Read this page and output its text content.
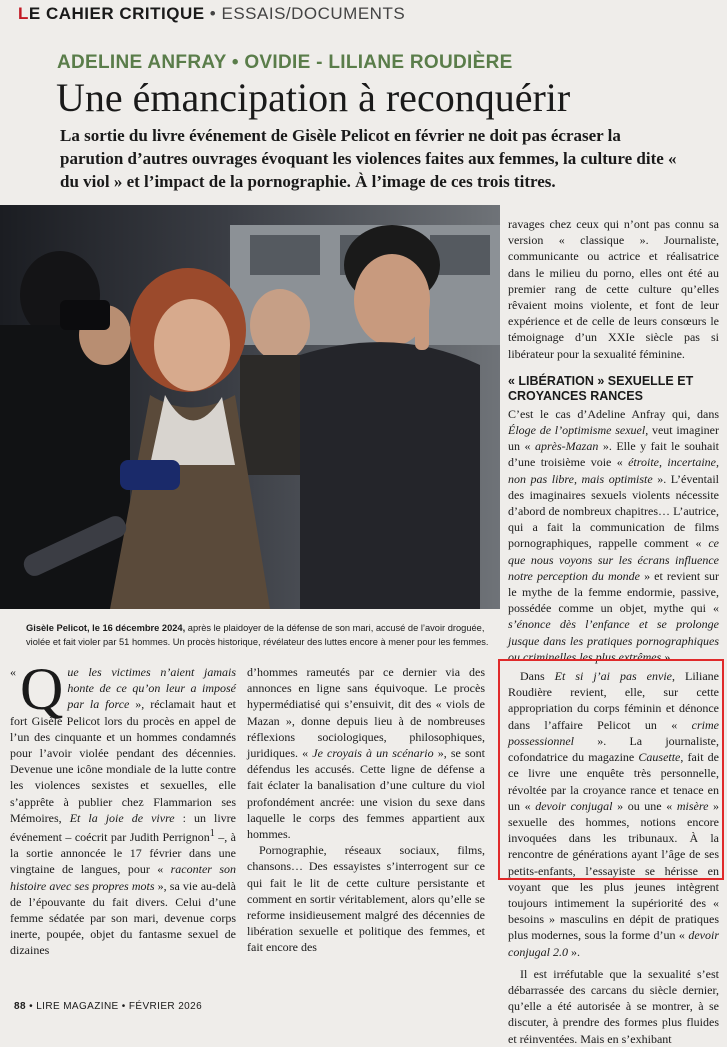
LE CAHIER CRITIQUE • ESSAIS/DOCUMENTS
ADELINE ANFRAY • OVIDIE - LILIANE ROUDIÈRE
Une émancipation à reconquérir
La sortie du livre événement de Gisèle Pelicot en février ne doit pas écraser la parution d’autres ouvrages évoquant les violences faites aux femmes, la culture dite « du viol » et l’impact de la pornographie. À l’image de ces trois titres.
Gisèle Pelicot, le 16 décembre 2024, après le plaidoyer de la défense de son mari, accusé de l’avoir droguée, violée et fait violer par 51 hommes. Un procès historique, révélateur des luttes encore à mener pour les femmes.

« Q ue les victimes n’aient jamais honte de ce qu’on leur a imposé par la force », réclamait haut et fort Gisèle Pelicot lors du procès en appel de l’un des cinquante et un hommes condamnés pour l’avoir violée pendant des décennies. Devenue une icône mondiale de la lutte contre les violences sexistes et sexuelles, elle s’apprête à publier chez Flammarion ses Mémoires, Et la joie de vivre : un livre événement – coécrit par Judith Perrignon$^1$ –, à la sortie annoncée le 17 février dans une vingtaine de langues, pour « raconter son histoire avec ses propres mots », sa vie au-delà de l’épouvante du fait divers. Celui d’une femme sédatée par son mari, devenue corps inerte, poupée, objet du fantasme sexuel de dizaines

d’hommes rameutés par ce dernier via des annonces en ligne sans équivoque. Le procès hypermédiatisé qui s’ensuivit, dit des « viols de Mazan », donne depuis lieu à de nombreuses réflexions sociologiques, philosophiques, juridiques. « Je croyais à un scénario », se sont défendus les accusés. Cette ligne de défense a fait éclater la banalisation d’une culture du viol profondément ancrée: une vision du sexe dans laquelle le corps des femmes appartient aux hommes.

Pornographie, réseaux sociaux, films, chansons… Des essayistes s’interrogent sur ce qui fait le lit de cette culture persistante et comment en sortir véritablement, alors qu’elle se reforme insidieusement malgré des décennies de libération sexuelle et politique des femmes, et fait encore des

ravages chez ceux qui n’ont pas connu sa version « classique ». Journaliste, communicante ou actrice et réalisatrice dans le milieu du porno, elles ont été au premier rang de cette culture qu’elles rêvaient moins violente, et font de leur expérience et de celle de leurs consœurs le témoignage d’un XXIe siècle pas si libérateur pour la sexualité féminine.

« LIBÉRATION » SEXUELLE ET CROYANCES RANCES

C’est le cas d’Adeline Anfray qui, dans Éloge de l’optimisme sexuel, veut imaginer un « après-Mazan ». Elle y fait le souhait d’une troisième voie « étroite, incertaine, non pas libre, mais optimiste ». L’éventail des imaginaires sexuels violents nécessite d’abord de nombreux chapitres… L’autrice, qui a fait la communication de films pornographiques, rappelle comment « ce que nous voyons sur les écrans influence notre perception du monde » et revient sur le mythe de la femme endormie, passive, possédée comme un objet, mythe qui « s’énonce dès l’enfance et se prolonge jusque dans les pratiques pornographiques ou criminelles les plus extrêmes ».

Dans Et si j’ai pas envie, Liliane Roudière revient, elle, sur cette appropriation du corps féminin et dénonce dans l’affaire Pelicot un « crime possessionnel ». La journaliste, cofondatrice du magazine Causette, fait de ce livre une enquête très personnelle, révoltée par la croyance rance et tenace en un « devoir conjugal » ou une « misère » sexuelle des hommes, notions encore invoquées dans les tribunaux. À la rencontre de générations ayant l’âge de ses petits-enfants, l’essayiste se hérisse en voyant que les plus jeunes intègrent toujours intimement la supériorité des « besoins » masculins en dépit de pratiques plus modernes, sous la forme d’un « devoir conjugal 2.0 ».

Il est irréfutable que la sexualité s’est débarrassée des carcans du siècle dernier, qu’elle a été autorisée à se montrer, à se discuter, à prendre des formes plus fluides et réinventées. Mais en s’exhibant

88 • LIRE MAGAZINE • FÉVRIER 2026
